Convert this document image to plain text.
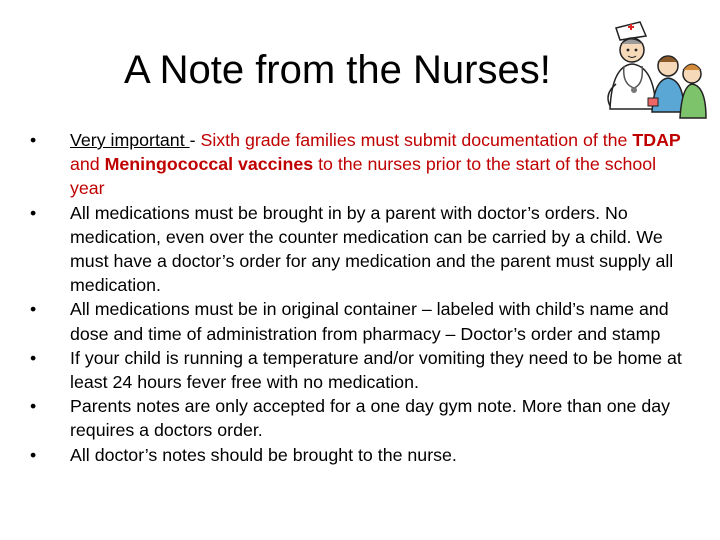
A Note from the Nurses!
• Very important - Sixth grade families must submit documentation of the TDAP and Meningococcal vaccines to the nurses prior to the start of the school year
• All medications must be brought in by a parent with doctor’s orders. No medication, even over the counter medication can be carried by a child. We must have a doctor’s order for any medication and the parent must supply all medication.
• All medications must be in original container – labeled with child’s name and dose and time of administration from pharmacy – Doctor’s order and stamp
• If your child is running a temperature and/or vomiting they need to be home at least 24 hours fever free with no medication.
• Parents notes are only accepted for a one day gym note. More than one day requires a doctors order.
• All doctor’s notes should be brought to the nurse.
